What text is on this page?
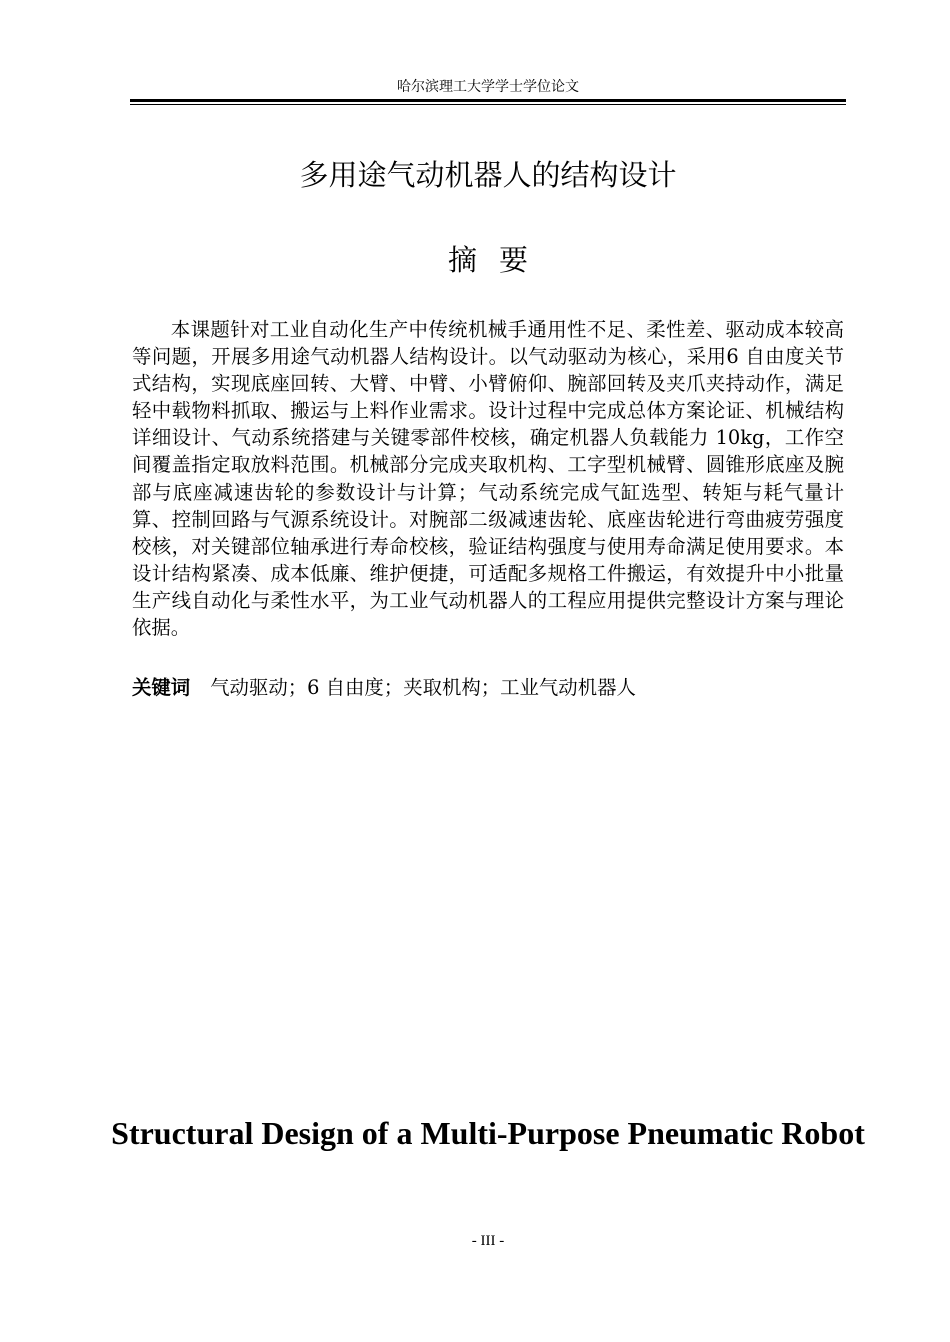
哈尔滨理工大学学士学位论文
多用途气动机器人的结构设计
摘要

本课题针对工业自动化生产中传统机械手通用性不足、柔性差、驱动成本较高等问题，开展多用途气动机器人结构设计。以气动驱动为核心，采用6 自由度关节式结构，实现底座回转、大臂、中臂、小臂俯仰、腕部回转及夹爪夹持动作，满足轻中载物料抓取、搬运与上料作业需求。设计过程中完成总体方案论证、机械结构详细设计、气动系统搭建与关键零部件校核，确定机器人负载能力 10kg，工作空间覆盖指定取放料范围。机械部分完成夹取机构、工字型机械臂、圆锥形底座及腕部与底座减速齿轮的参数设计与计算；气动系统完成气缸选型、转矩与耗气量计算、控制回路与气源系统设计。对腕部二级减速齿轮、底座齿轮进行弯曲疲劳强度校核，对关键部位轴承进行寿命校核，验证结构强度与使用寿命满足使用要求。本设计结构紧凑、成本低廉、维护便捷，可适配多规格工件搬运，有效提升中小批量生产线自动化与柔性水平，为工业气动机器人的工程应用提供完整设计方案与理论依据。

关键词 气动驱动；6 自由度；夹取机构；工业气动机器人
Structural Design of a Multi-Purpose Pneumatic Robot
- III -
